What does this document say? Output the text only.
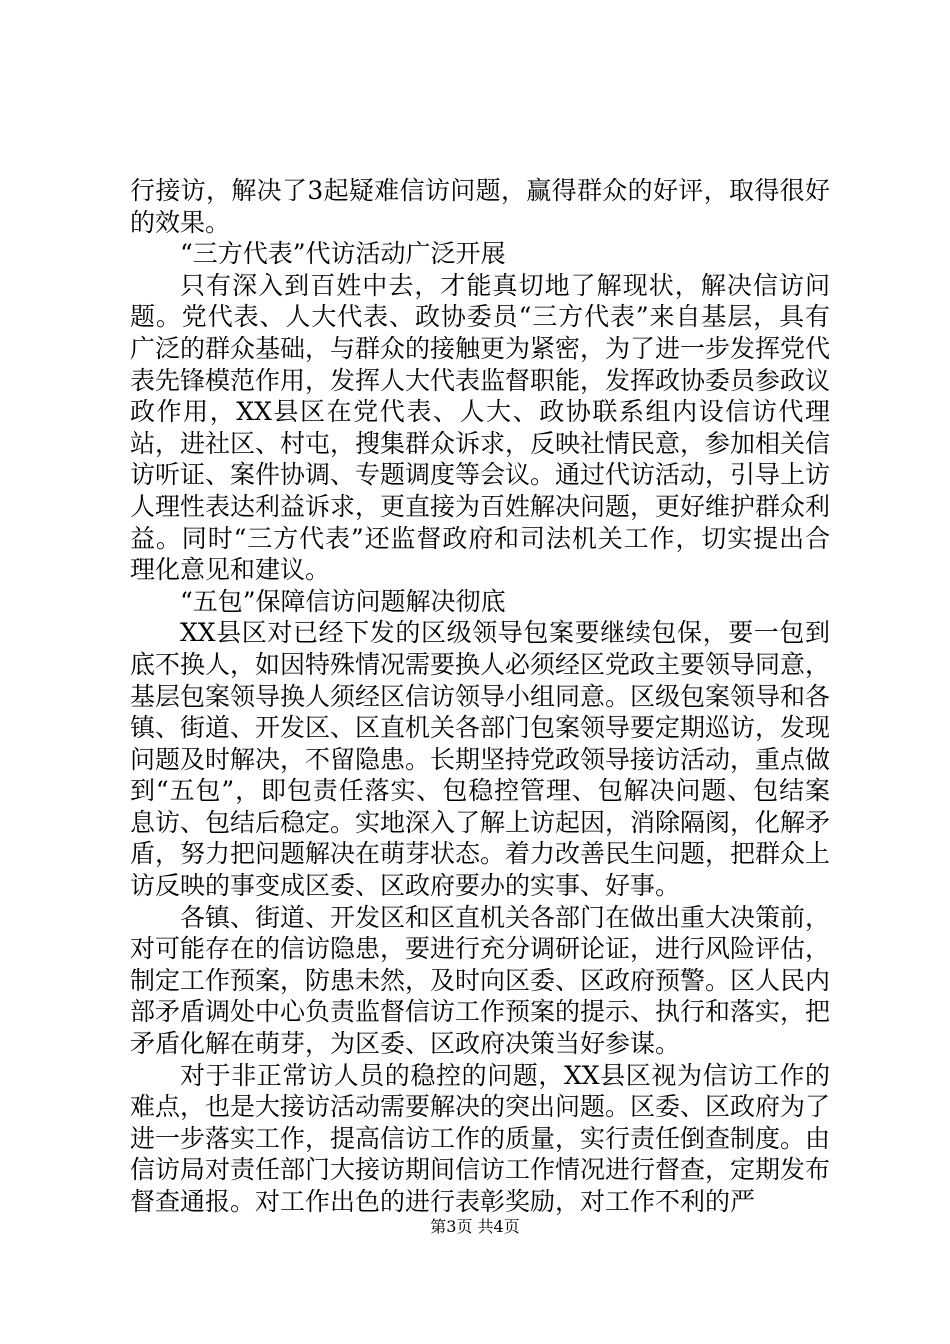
行接访，解决了3起疑难信访问题，赢得群众的好评，取得很好的效果。

“三方代表”代访活动广泛开展

只有深入到百姓中去，才能真切地了解现状，解决信访问题。党代表、人大代表、政协委员“三方代表”来自基层，具有广泛的群众基础，与群众的接触更为紧密，为了进一步发挥党代表先锋模范作用，发挥人大代表监督职能，发挥政协委员参政议政作用，XX县区在党代表、人大、政协联系组内设信访代理站，进社区、村屯，搜集群众诉求，反映社情民意，参加相关信访听证、案件协调、专题调度等会议。通过代访活动，引导上访人理性表达利益诉求，更直接为百姓解决问题，更好维护群众利益。同时“三方代表”还监督政府和司法机关工作，切实提出合理化意见和建议。

“五包”保障信访问题解决彻底

XX县区对已经下发的区级领导包案要继续包保，要一包到底不换人，如因特殊情况需要换人必须经区党政主要领导同意，基层包案领导换人须经区信访领导小组同意。区级包案领导和各镇、街道、开发区、区直机关各部门包案领导要定期巡访，发现问题及时解决，不留隐患。长期坚持党政领导接访活动，重点做到“五包”，即包责任落实、包稳控管理、包解决问题、包结案息访、包结后稳定。实地深入了解上访起因，消除隔阂，化解矛盾，努力把问题解决在萌芽状态。着力改善民生问题，把群众上访反映的事变成区委、区政府要办的实事、好事。

各镇、街道、开发区和区直机关各部门在做出重大决策前，对可能存在的信访隐患，要进行充分调研论证，进行风险评估，制定工作预案，防患未然，及时向区委、区政府预警。区人民内部矛盾调处中心负责监督信访工作预案的提示、执行和落实，把矛盾化解在萌芽，为区委、区政府决策当好参谋。

对于非正常访人员的稳控的问题，XX县区视为信访工作的难点，也是大接访活动需要解决的突出问题。区委、区政府为了进一步落实工作，提高信访工作的质量，实行责任倒查制度。由信访局对责任部门大接访期间信访工作情况进行督查，定期发布督查通报。对工作出色的进行表彰奖励，对工作不利的严

第3页 共4页
